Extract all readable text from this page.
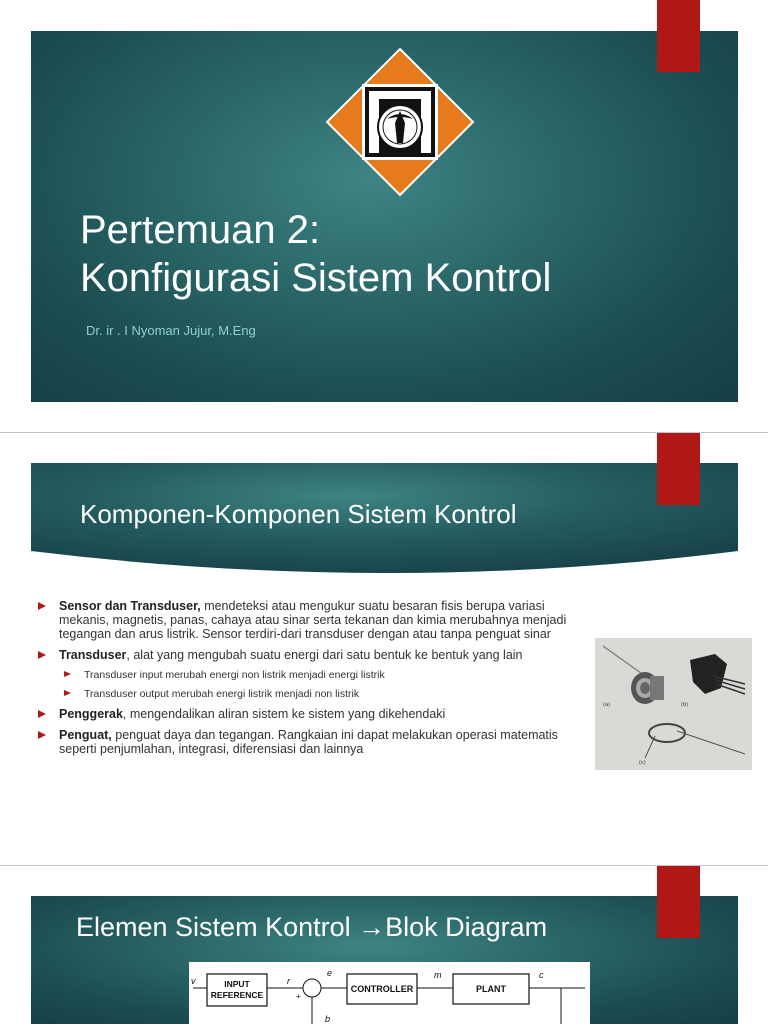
Pertemuan 2:
Konfigurasi Sistem Kontrol
Dr. ir . I Nyoman Jujur, M.Eng
Komponen-Komponen Sistem Kontrol
Sensor dan Transduser, mendeteksi atau mengukur suatu besaran fisis berupa variasi mekanis, magnetis, panas, cahaya atau sinar serta tekanan dan kimia merubahnya menjadi tegangan dan arus listrik. Sensor terdiri-dari transduser dengan atau tanpa penguat sinar
Transduser, alat yang mengubah suatu energi dari satu bentuk ke bentuk yang lain
Transduser input merubah energi non listrik menjadi energi listrik
Transduser output merubah energi listrik menjadi non listrik
Penggerak, mengendalikan aliran sistem ke sistem yang dikehendaki
Penguat, penguat daya dan tegangan. Rangkaian ini dapat melakukan operasi matematis seperti penjumlahan, integrasi, diferensiasi dan lainnya
(a)	(b)
(c)
Elemen Sistem Kontrol →Blok Diagram
INPUT
REFERENCE
CONTROLLER	PLANT
v	r
e	m	c
+
b
